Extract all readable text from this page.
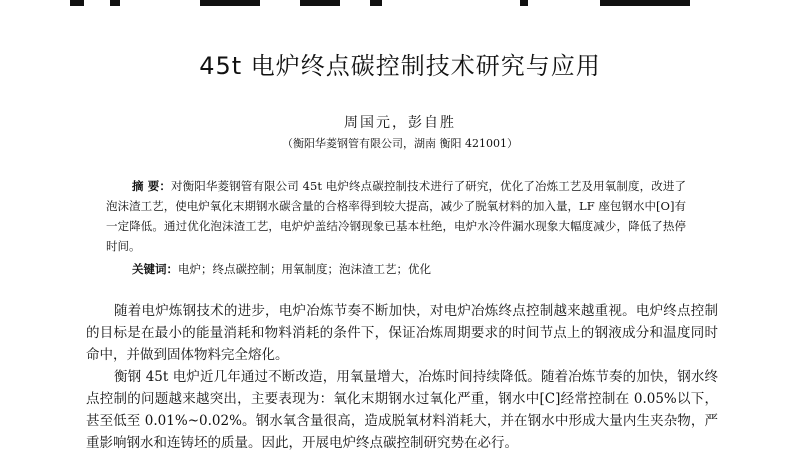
45t 电炉终点碳控制技术研究与应用
周国元，彭自胜
（衡阳华菱钢管有限公司，湖南 衡阳 421001）
摘 要：对衡阳华菱钢管有限公司 45t 电炉终点碳控制技术进行了研究，优化了冶炼工艺及用氧制度，改进了泡沫渣工艺，使电炉氧化末期钢水碳含量的合格率得到较大提高，减少了脱氧材料的加入量，LF 座包钢水中[O]有一定降低。通过优化泡沫渣工艺，电炉炉盖结冷钢现象已基本杜绝，电炉水冷件漏水现象大幅度减少，降低了热停时间。
关键词：电炉；终点碳控制；用氧制度；泡沫渣工艺；优化

随着电炉炼钢技术的进步，电炉冶炼节奏不断加快，对电炉冶炼终点控制越来越重视。电炉终点控制的目标是在最小的能量消耗和物料消耗的条件下，保证冶炼周期要求的时间节点上的钢液成分和温度同时命中，并做到固体物料完全熔化。

衡钢 45t 电炉近几年通过不断改造，用氧量增大，冶炼时间持续降低。随着冶炼节奏的加快，钢水终点控制的问题越来越突出，主要表现为：氧化末期钢水过氧化严重，钢水中[C]经常控制在 0.05%以下，甚至低至 0.01%~0.02%。钢水氧含量很高，造成脱氧材料消耗大，并在钢水中形成大量内生夹杂物，严重影响钢水和连铸坯的质量。因此，开展电炉终点碳控制研究势在必行。
